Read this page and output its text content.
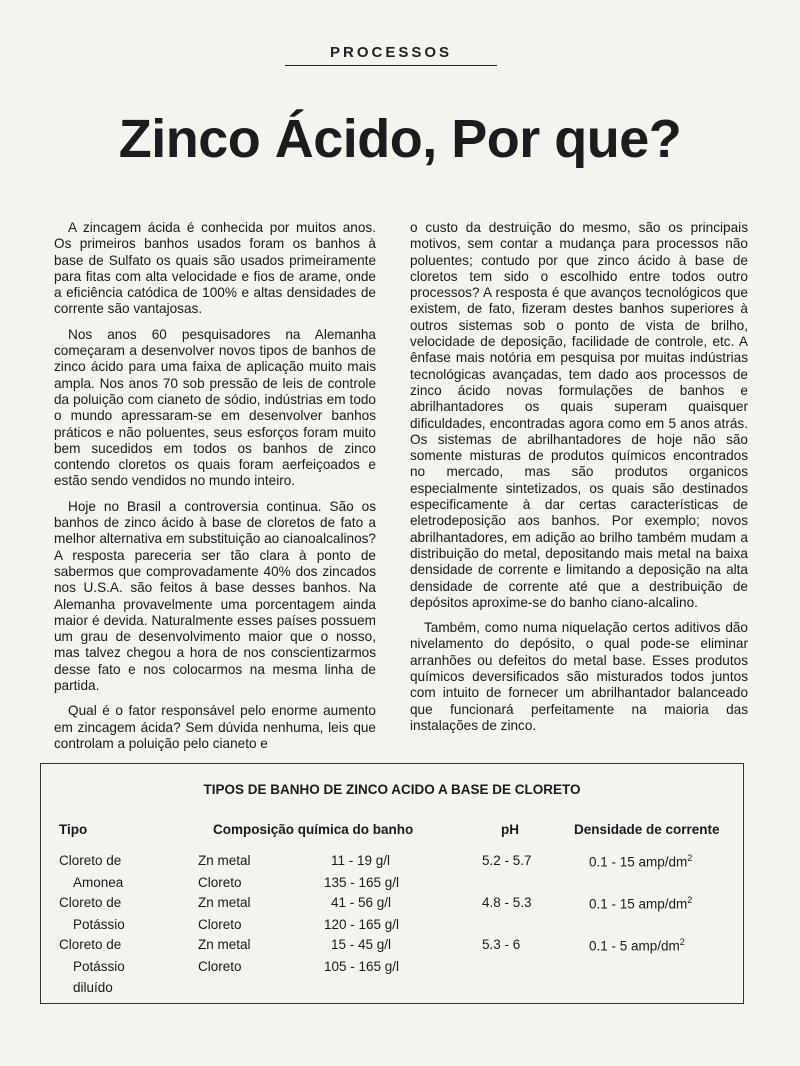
PROCESSOS
Zinco Ácido, Por que?

A zincagem ácida é conhecida por muitos anos. Os primeiros banhos usados foram os banhos à base de Sulfato os quais são usados primeiramente para fitas com alta velocidade e fios de arame, onde a eficiência catódica de 100% e altas densidades de corrente são vantajosas.

Nos anos 60 pesquisadores na Alemanha começaram a desenvolver novos tipos de banhos de zinco ácido para uma faixa de aplicação muito mais ampla. Nos anos 70 sob pressão de leis de controle da poluição com cianeto de sódio, indústrias em todo o mundo apressaram-se em desenvolver banhos práticos e não poluentes, seus esforços foram muito bem sucedidos em todos os banhos de zinco contendo cloretos os quais foram aerfeiçoados e estão sendo vendidos no mundo inteiro.

Hoje no Brasil a controversia continua. São os banhos de zinco ácido à base de cloretos de fato a melhor alternativa em substituição ao cianoalcalinos? A resposta pareceria ser tão clara à ponto de sabermos que comprovadamente 40% dos zincados nos U.S.A. são feitos à base desses banhos. Na Alemanha provavelmente uma porcentagem ainda maior é devida. Naturalmente esses países possuem um grau de desenvolvimento maior que o nosso, mas talvez chegou a hora de nos conscientizarmos desse fato e nos colocarmos na mesma linha de partida.

Qual é o fator responsável pelo enorme aumento em zincagem ácida? Sem dúvida nenhuma, leis que controlam a poluição pelo cianeto e

o custo da destruição do mesmo, são os principais motivos, sem contar a mudança para processos não poluentes; contudo por que zinco ácido à base de cloretos tem sido o escolhido entre todos outro processos? A resposta é que avanços tecnológicos que existem, de fato, fizeram destes banhos superiores à outros sistemas sob o ponto de vista de brilho, velocidade de deposição, facilidade de controle, etc. A ênfase mais notória em pesquisa por muitas indústrias tecnológicas avançadas, tem dado aos processos de zinco ácido novas formulações de banhos e abrilhantadores os quais superam quaisquer dificuldades, encontradas agora como em 5 anos atrás. Os sistemas de abrilhantadores de hoje não são somente misturas de produtos químicos encontrados no mercado, mas são produtos organicos especialmente sintetizados, os quais são destinados especificamente à dar certas características de eletrodeposição aos banhos. Por exemplo; novos abrilhantadores, em adição ao brilho também mudam a distribuição do metal, depositando mais metal na baixa densidade de corrente e limitando a deposição na alta densidade de corrente até que a destribuição de depósitos aproxime-se do banho ciano-alcalino.

Também, como numa niquelação certos aditivos dão nivelamento do depósito, o qual pode-se eliminar arranhões ou defeitos do metal base. Esses produtos químicos deversificados são misturados todos juntos com intuito de fornecer um abrilhantador balanceado que funcionará perfeitamente na maioria das instalações de zinco.

TIPOS DE BANHO DE ZINCO ACIDO A BASE DE CLORETO
Tipo	Composição química do banho	pH	Densidade de corrente
Cloreto de
Amonea
Zn metal	11 - 19 g/l
Cloreto	135 - 165 g/l
5.2 - 5.7	0.1 - 15 amp/$dm^2$
Cloreto de
Potássio
Zn metal	41 - 56 g/l
Cloreto	120 - 165 g/l
4.8 - 5.3	0.1 - 15 amp/$dm^2$
Cloreto de
Potássio
diluído
Zn metal	15 - 45 g/l
Cloreto	105 - 165 g/l
5.3 - 6	0.1 - 5 amp/$dm^2$
